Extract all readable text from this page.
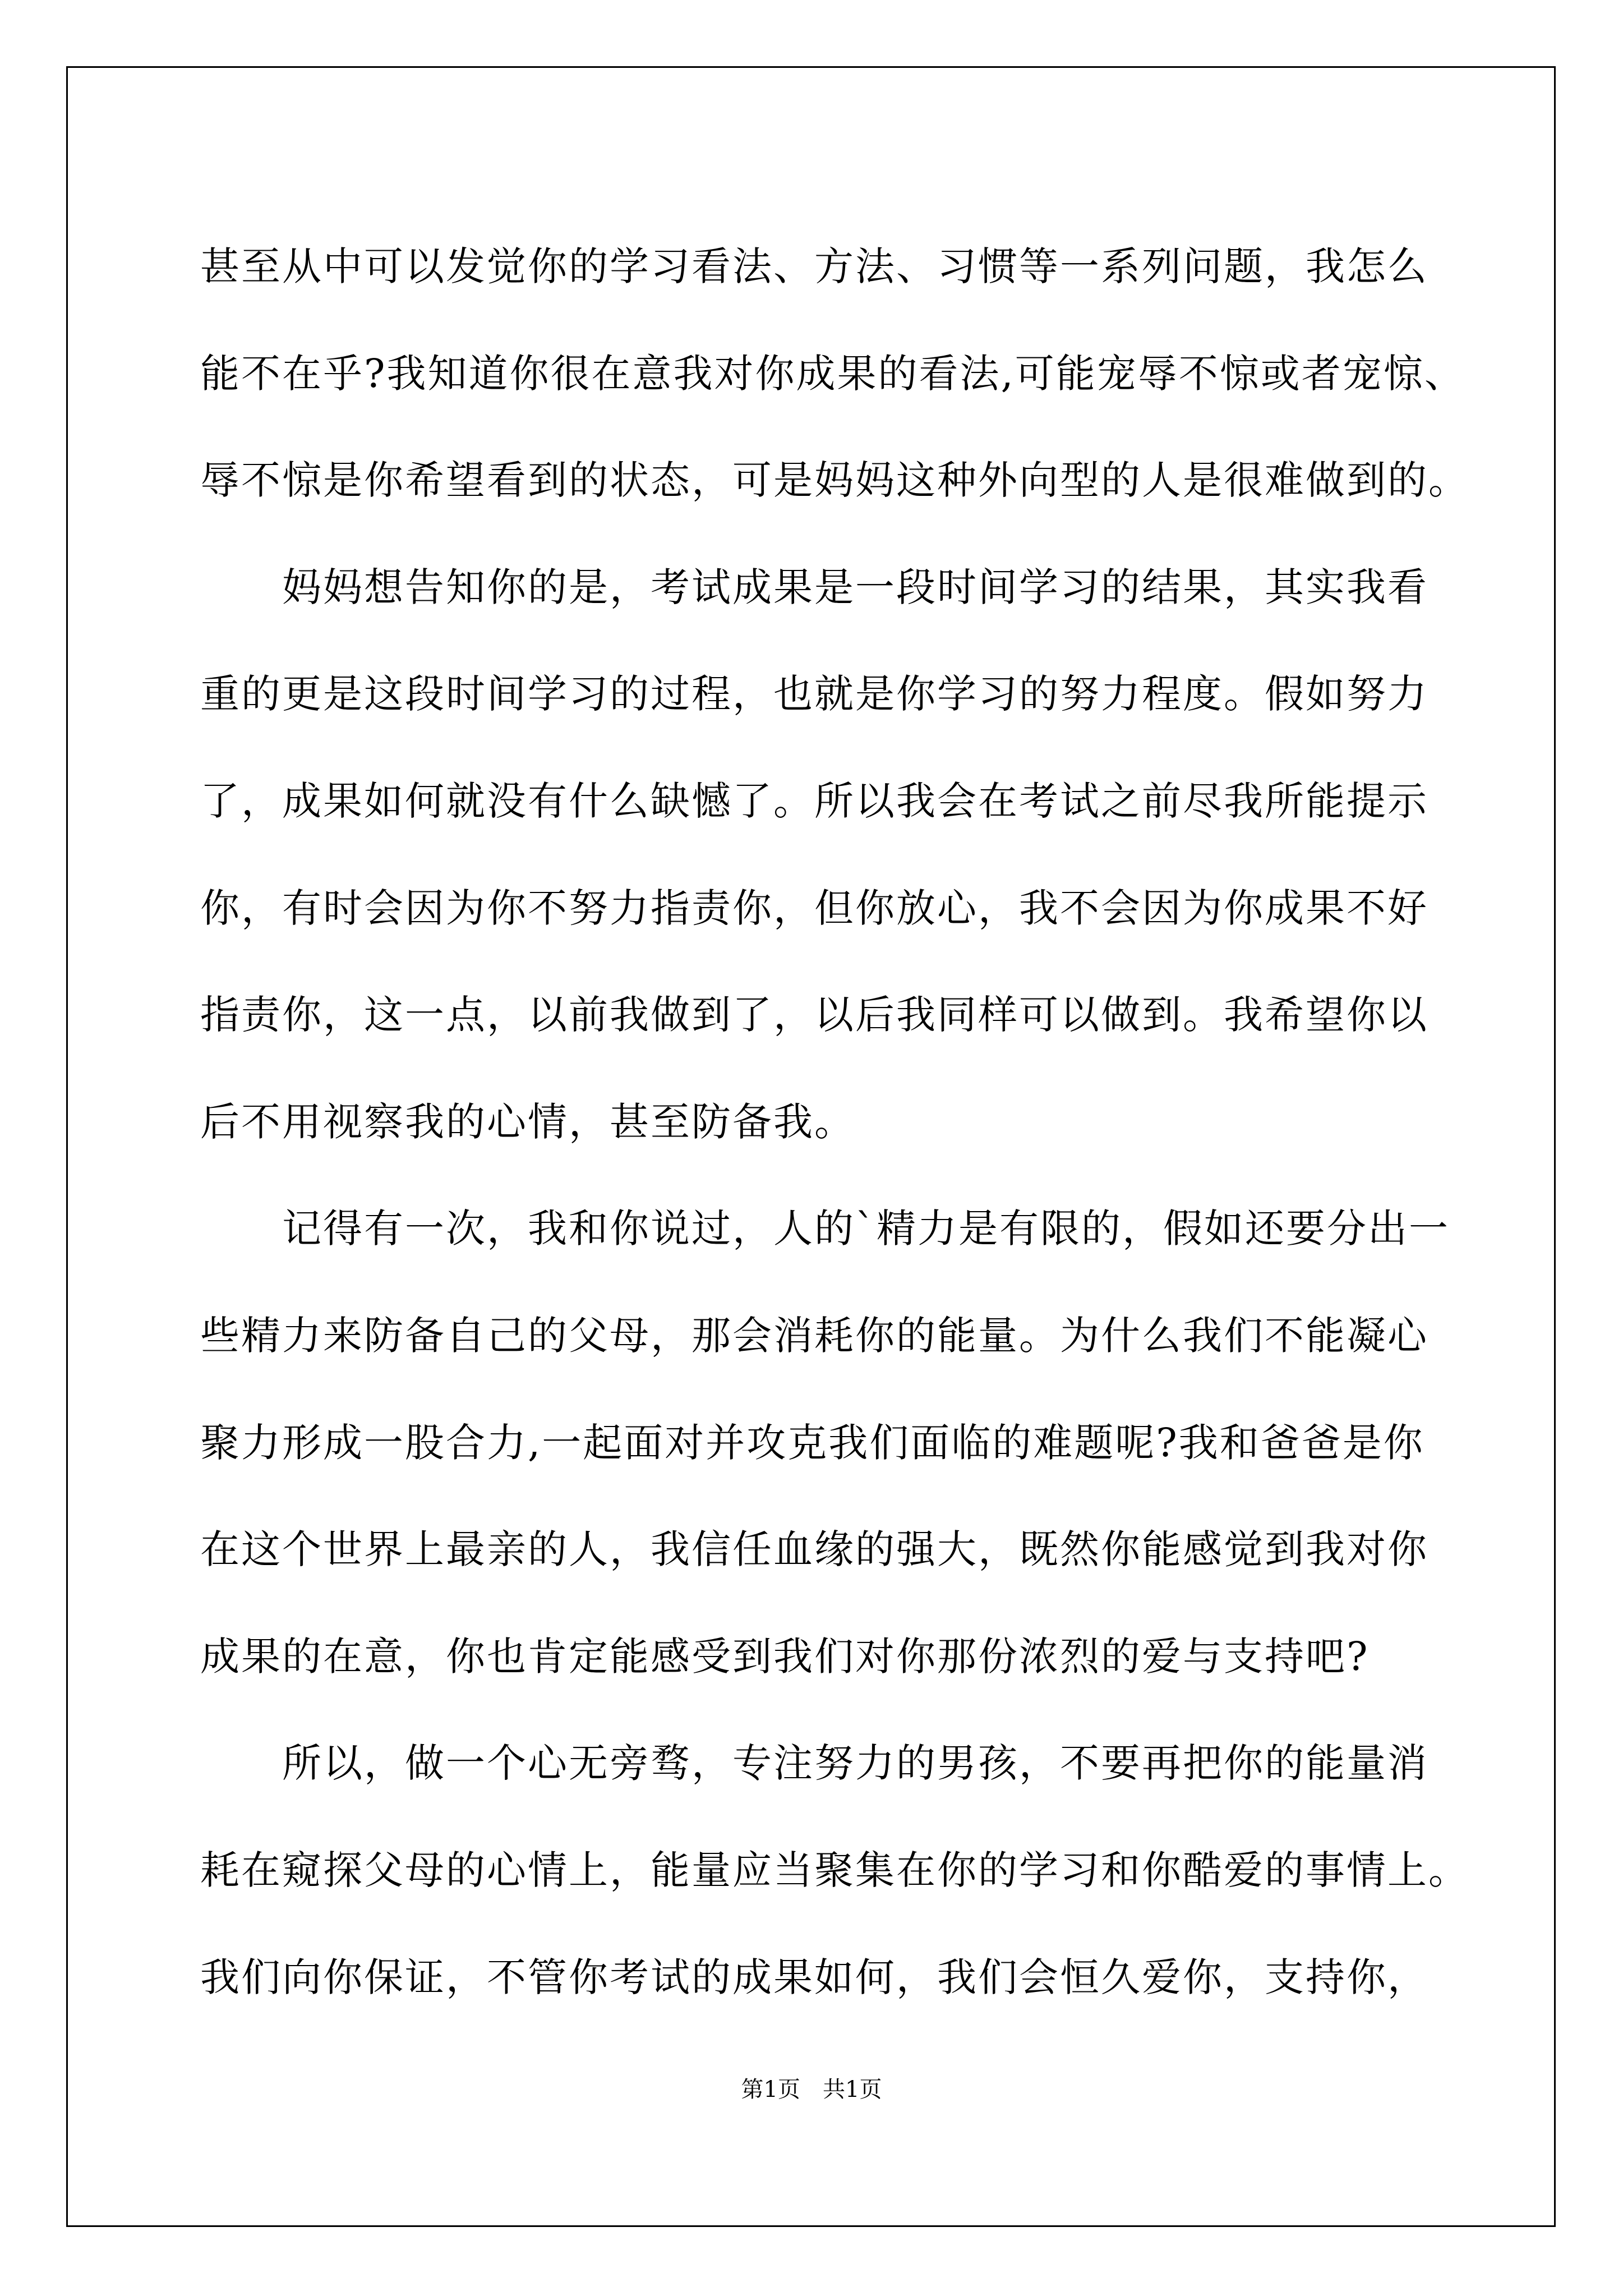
甚至从中可以发觉你的学习看法、方法、习惯等一系列问题，我怎么
能不在乎?我知道你很在意我对你成果的看法,可能宠辱不惊或者宠惊、
辱不惊是你希望看到的状态，可是妈妈这种外向型的人是很难做到的。
　　妈妈想告知你的是，考试成果是一段时间学习的结果，其实我看
重的更是这段时间学习的过程，也就是你学习的努力程度。假如努力
了，成果如何就没有什么缺憾了。所以我会在考试之前尽我所能提示
你，有时会因为你不努力指责你，但你放心，我不会因为你成果不好
指责你，这一点，以前我做到了，以后我同样可以做到。我希望你以
后不用视察我的心情，甚至防备我。
　　记得有一次，我和你说过，人的`精力是有限的，假如还要分出一
些精力来防备自己的父母，那会消耗你的能量。为什么我们不能凝心
聚力形成一股合力,一起面对并攻克我们面临的难题呢?我和爸爸是你
在这个世界上最亲的人，我信任血缘的强大，既然你能感觉到我对你
成果的在意，你也肯定能感受到我们对你那份浓烈的爱与支持吧?
　　所以，做一个心无旁骛，专注努力的男孩，不要再把你的能量消
耗在窥探父母的心情上，能量应当聚集在你的学习和你酷爱的事情上。
我们向你保证，不管你考试的成果如何，我们会恒久爱你，支持你，
第1页　共1页
